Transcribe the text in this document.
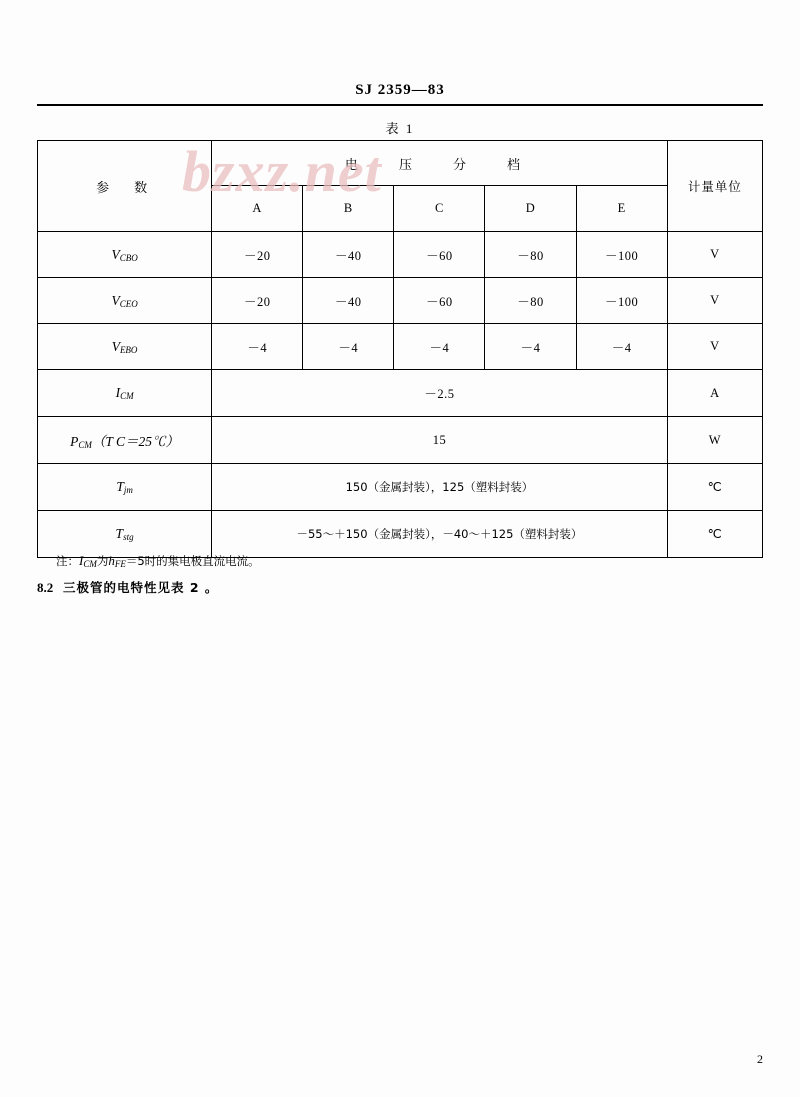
SJ 2359—83
表 1
bzxz.net
参　数	电　压　分　档					计量单位
	A	B	C	D	E	
$V_{CBO}$	－20	－40	－60	－80	－100	V
$V_{CEO}$	－20	－40	－60	－80	－100	V
$V_{EBO}$	－4	－4	－4	－4	－4	V
$I_{CM}$	－2.5					A
$P_{CM}(T$ C＝25℃）	15					W
$T_{jm}$	150（金属封装），125（塑料封装）					℃
$T_{stg}$	－55～＋150（金属封装），－40～＋125（塑料封装）					℃
注：$I_{CM}$为$h_{FE}=5$时的集电极直流电流。
8.2 三极管的电特性见表 2 。
2
